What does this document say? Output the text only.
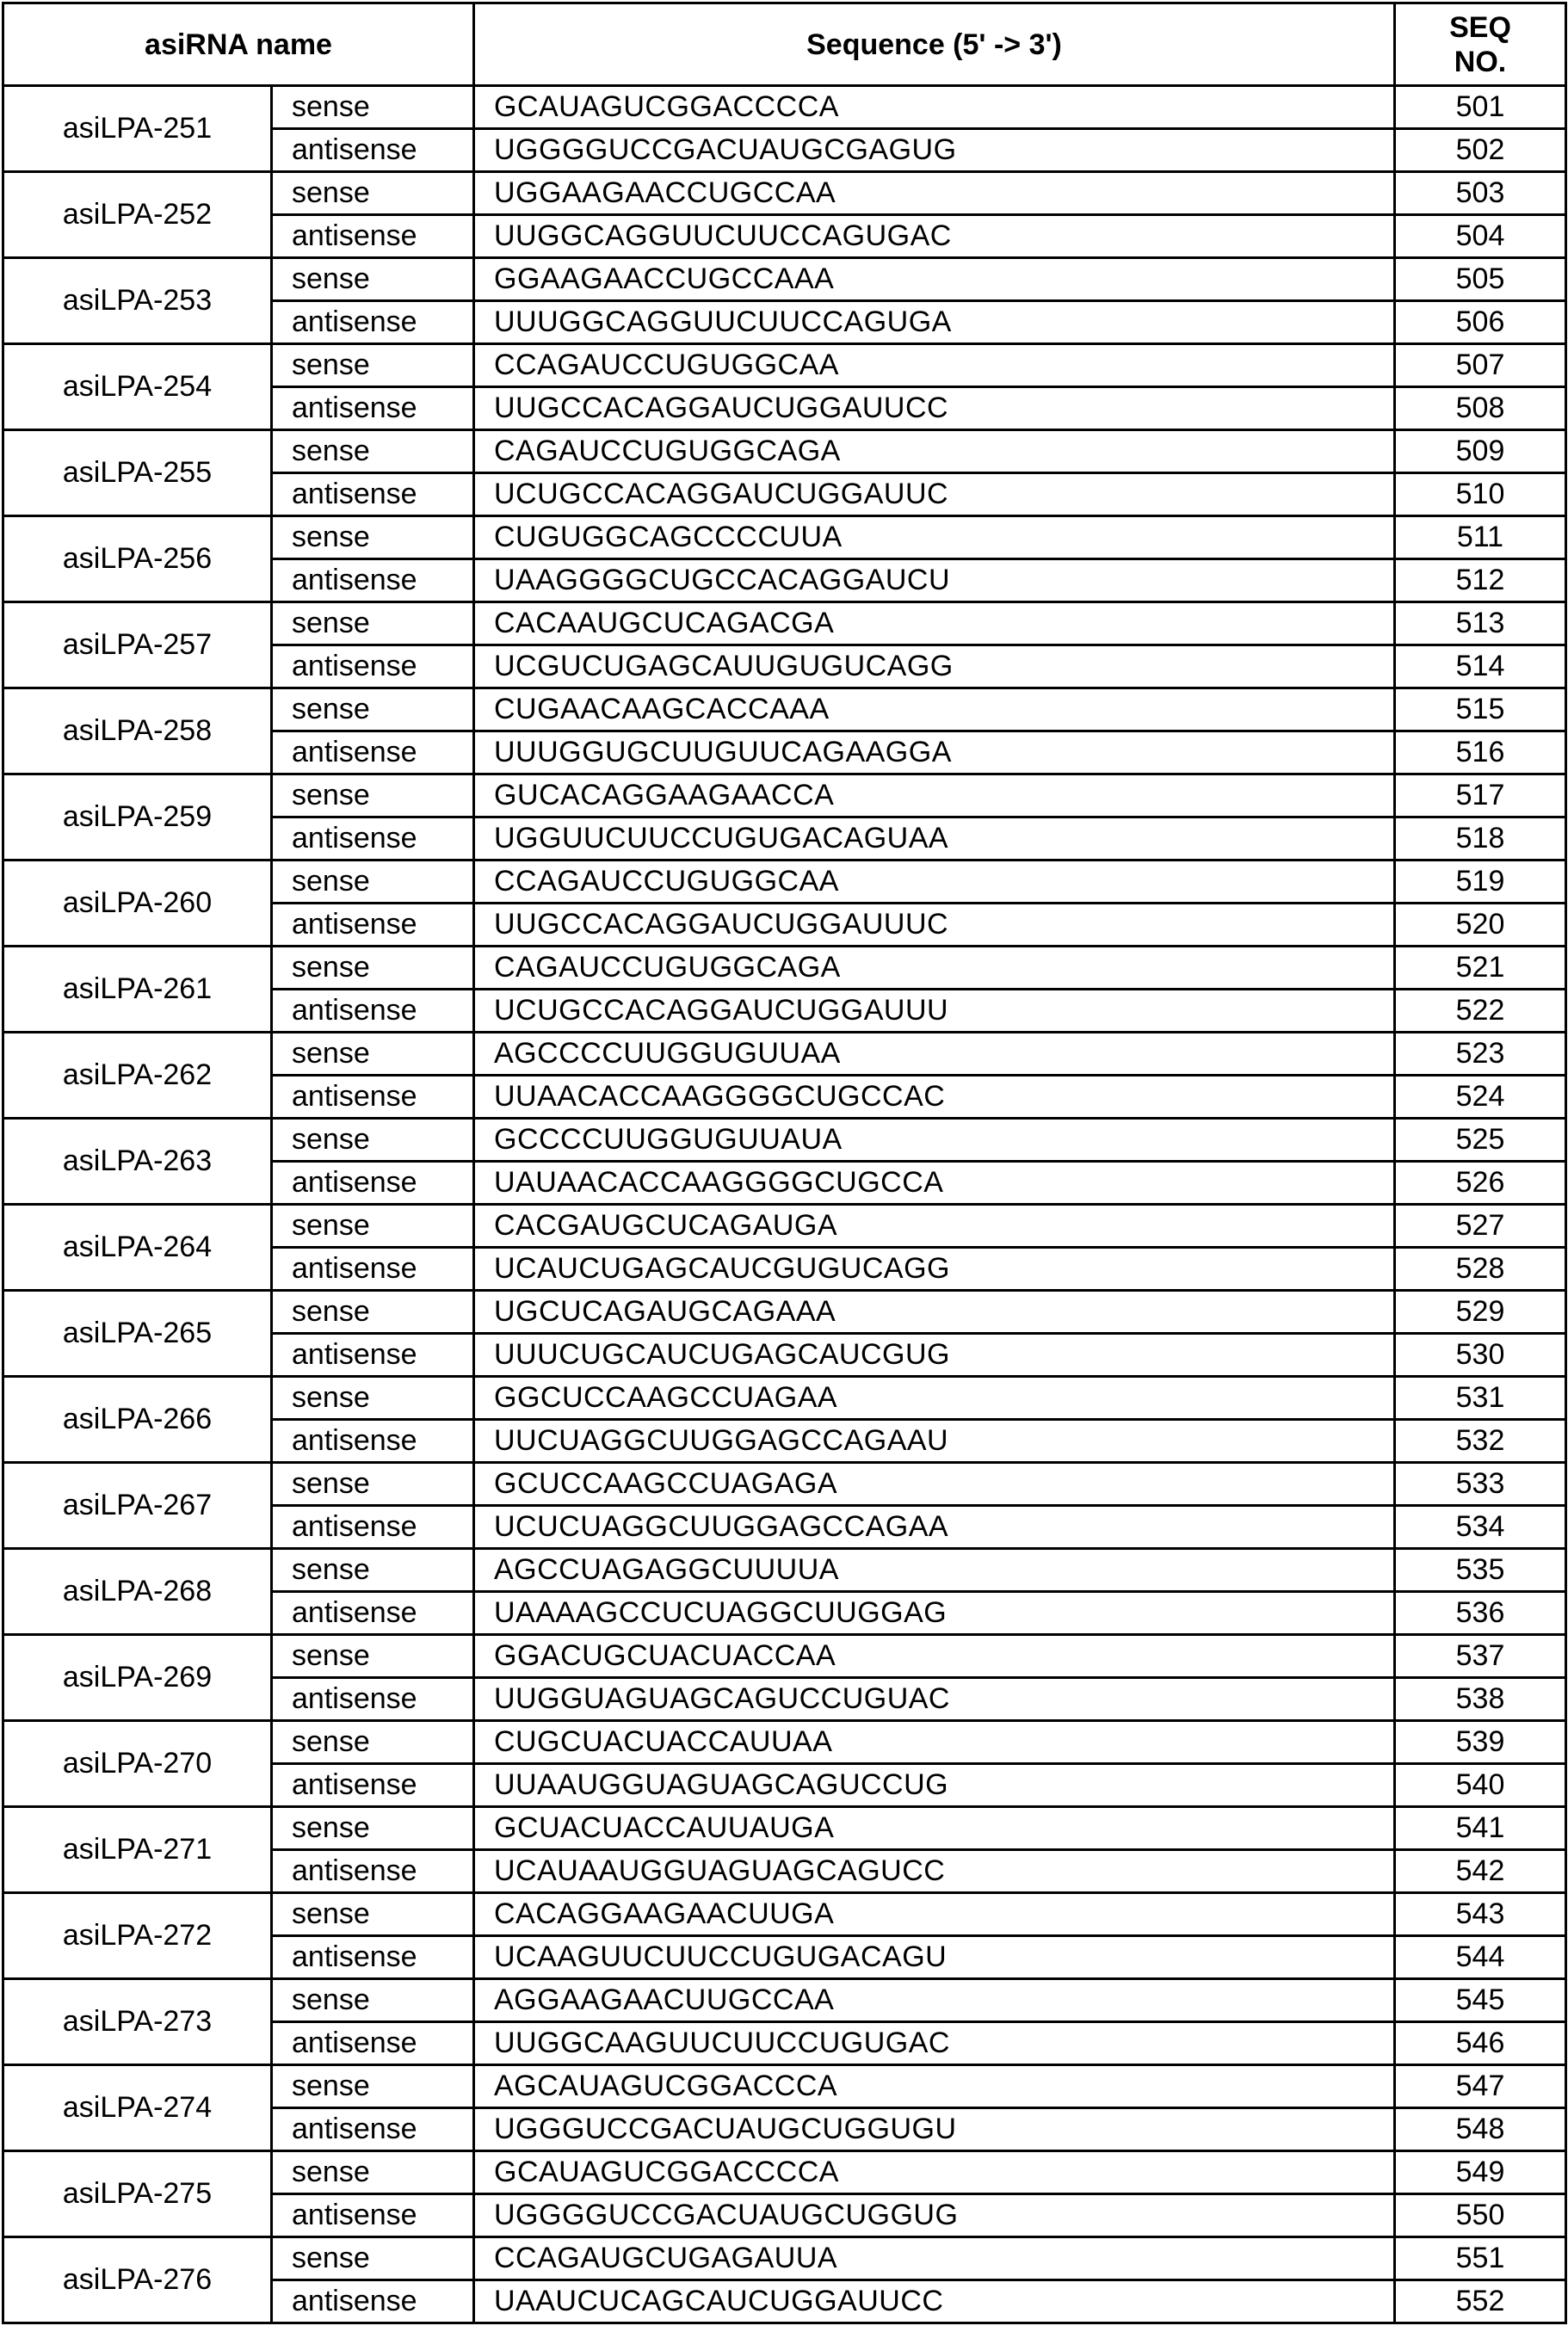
asiRNA name	Sequence (5' -> 3')	
SEQ
NO.

asiLPA-251	sense	GCAUAGUCGGACCCCA	501
antisense	UGGGGUCCGACUAUGCGAGUG	502
asiLPA-252	sense	UGGAAGAACCUGCCAA	503
antisense	UUGGCAGGUUCUUCCAGUGAC	504
asiLPA-253	sense	GGAAGAACCUGCCAAA	505
antisense	UUUGGCAGGUUCUUCCAGUGA	506
asiLPA-254	sense	CCAGAUCCUGUGGCAA	507
antisense	UUGCCACAGGAUCUGGAUUCC	508
asiLPA-255	sense	CAGAUCCUGUGGCAGA	509
antisense	UCUGCCACAGGAUCUGGAUUC	510
asiLPA-256	sense	CUGUGGCAGCCCCUUA	511
antisense	UAAGGGGCUGCCACAGGAUCU	512
asiLPA-257	sense	CACAAUGCUCAGACGA	513
antisense	UCGUCUGAGCAUUGUGUCAGG	514
asiLPA-258	sense	CUGAACAAGCACCAAA	515
antisense	UUUGGUGCUUGUUCAGAAGGA	516
asiLPA-259	sense	GUCACAGGAAGAACCA	517
antisense	UGGUUCUUCCUGUGACAGUAA	518
asiLPA-260	sense	CCAGAUCCUGUGGCAA	519
antisense	UUGCCACAGGAUCUGGAUUUC	520
asiLPA-261	sense	CAGAUCCUGUGGCAGA	521
antisense	UCUGCCACAGGAUCUGGAUUU	522
asiLPA-262	sense	AGCCCCUUGGUGUUAA	523
antisense	UUAACACCAAGGGGCUGCCAC	524
asiLPA-263	sense	GCCCCUUGGUGUUAUA	525
antisense	UAUAACACCAAGGGGCUGCCA	526
asiLPA-264	sense	CACGAUGCUCAGAUGA	527
antisense	UCAUCUGAGCAUCGUGUCAGG	528
asiLPA-265	sense	UGCUCAGAUGCAGAAA	529
antisense	UUUCUGCAUCUGAGCAUCGUG	530
asiLPA-266	sense	GGCUCCAAGCCUAGAA	531
antisense	UUCUAGGCUUGGAGCCAGAAU	532
asiLPA-267	sense	GCUCCAAGCCUAGAGA	533
antisense	UCUCUAGGCUUGGAGCCAGAA	534
asiLPA-268	sense	AGCCUAGAGGCUUUUA	535
antisense	UAAAAGCCUCUAGGCUUGGAG	536
asiLPA-269	sense	GGACUGCUACUACCAA	537
antisense	UUGGUAGUAGCAGUCCUGUAC	538
asiLPA-270	sense	CUGCUACUACCAUUAA	539
antisense	UUAAUGGUAGUAGCAGUCCUG	540
asiLPA-271	sense	GCUACUACCAUUAUGA	541
antisense	UCAUAAUGGUAGUAGCAGUCC	542
asiLPA-272	sense	CACAGGAAGAACUUGA	543
antisense	UCAAGUUCUUCCUGUGACAGU	544
asiLPA-273	sense	AGGAAGAACUUGCCAA	545
antisense	UUGGCAAGUUCUUCCUGUGAC	546
asiLPA-274	sense	AGCAUAGUCGGACCCA	547
antisense	UGGGUCCGACUAUGCUGGUGU	548
asiLPA-275	sense	GCAUAGUCGGACCCCA	549
antisense	UGGGGUCCGACUAUGCUGGUG	550
asiLPA-276	sense	CCAGAUGCUGAGAUUA	551
antisense	UAAUCUCAGCAUCUGGAUUCC	552
